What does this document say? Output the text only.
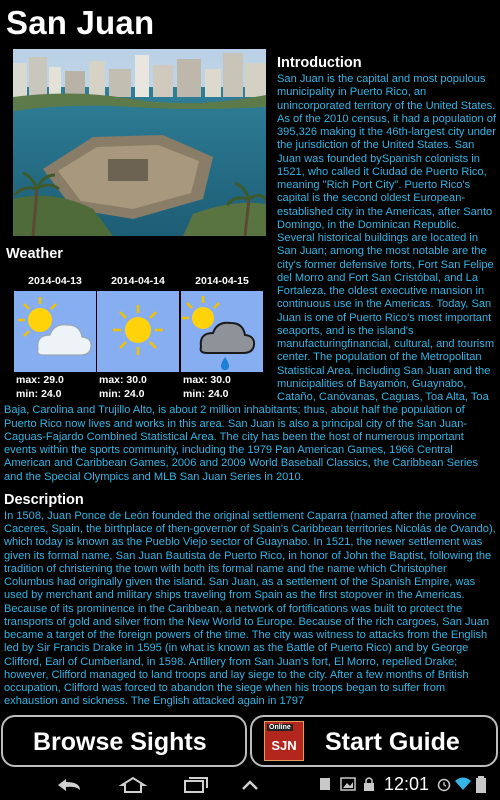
San Juan
Introduction
Weather
2014-04-13
max: 29.0
min: 24.0
2014-04-14
max: 30.0
min: 24.0
2014-04-15
max: 30.0
min: 24.0
San Juan is the capital and most populous municipality in Puerto Rico, an unincorporated territory of the United States. As of the 2010 census, it had a population of 395,326 making it the 46th-largest city under the jurisdiction of the United States. San Juan was founded bySpanish colonists in 1521, who called it Ciudad de Puerto Rico, meaning "Rich Port City". Puerto Rico's capital is the second oldest European-established city in the Americas, after Santo Domingo, in the Dominican Republic. Several historical buildings are located in San Juan; among the most notable are the city's former defensive forts, Fort San Felipe del Morro and Fort San Cristóbal, and La Fortaleza, the oldest executive mansion in continuous use in the Americas. Today, San Juan is one of Puerto Rico's most important seaports, and is the island's manufacturingfinancial, cultural, and tourism center. The population of the Metropolitan Statistical Area, including San Juan and the municipalities of Bayamón, Guaynabo, Cataño, Canóvanas, Caguas, Toa Alta, Toa Baja, Carolina and Trujillo Alto, is about 2 million inhabitants; thus, about half the population of Puerto Rico now lives and works in this area. San Juan is also a principal city of the San Juan-Caguas-Fajardo Combined Statistical Area. The city has been the host of numerous important events within the sports community, including the 1979 Pan American Games, 1966 Central American and Caribbean Games, 2006 and 2009 World Baseball Classics, the Caribbean Series and the Special Olympics and MLB San Juan Series in 2010.
Description
In 1508, Juan Ponce de León founded the original settlement Caparra (named after the province Caceres, Spain, the birthplace of then-governor of Spain's Caribbean territories Nicolás de Ovando), which today is known as the Pueblo Viejo sector of Guaynabo. In 1521, the newer settlement was given its formal name, San Juan Bautista de Puerto Rico, in honor of John the Baptist, following the tradition of christening the town with both its formal name and the name which Christopher Columbus had originally given the island. San Juan, as a settlement of the Spanish Empire, was used by merchant and military ships traveling from Spain as the first stopover in the Americas. Because of its prominence in the Caribbean, a network of fortifications was built to protect the transports of gold and silver from the New World to Europe. Because of the rich cargoes, San Juan became a target of the foreign powers of the time. The city was witness to attacks from the English led by Sir Francis Drake in 1595 (in what is known as the Battle of Puerto Rico) and by George Clifford, Earl of Cumberland, in 1598. Artillery from San Juan's fort, El Morro, repelled Drake; however, Clifford managed to land troops and lay siege to the city. After a few months of British occupation, Clifford was forced to abandon the siege when his troops began to suffer from exhaustion and sickness. The English attacked again in 1797
Browse Sights
Online
SJN Start Guide
12:01
